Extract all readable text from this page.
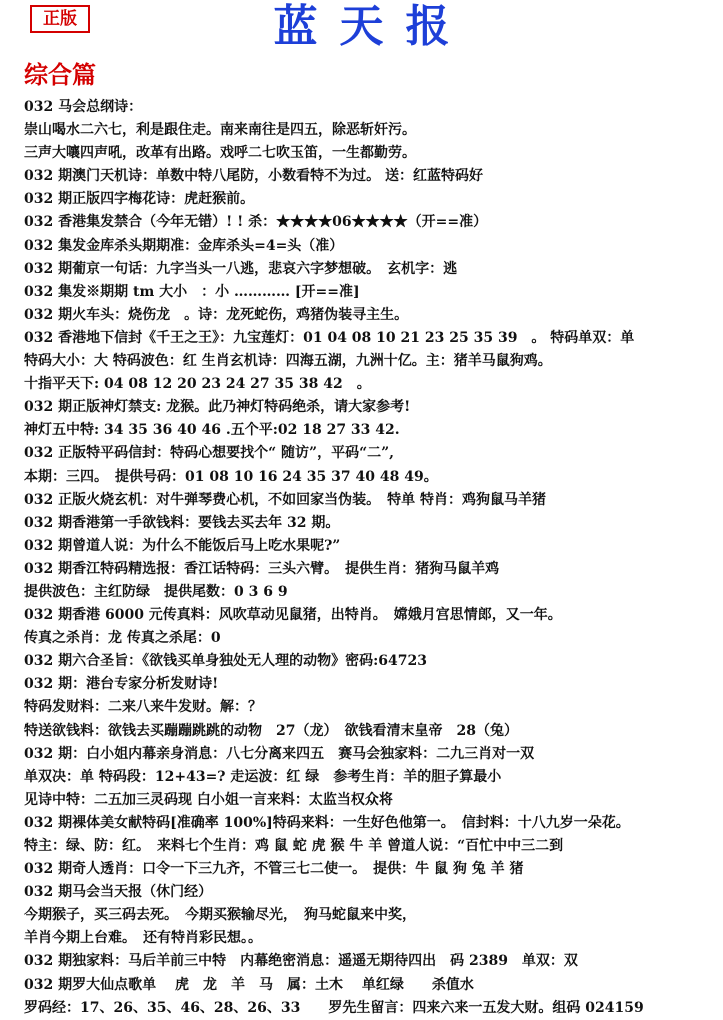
正版	蓝天报
综合篇
032 马会总纲诗：
崇山喝水二六七，利是跟住走。南来南往是四五，除恶斩奸污。
三声大嚷四声吼，改革有出路。戏呼二七吹玉笛，一生都勤劳。
032 期澳门天机诗：单数中特八尾防，小数看特不为过。 送：红蓝特码好
032 期正版四字梅花诗：虎赶猴前。
032 香港集发禁合（今年无错）! ! 杀：★★★★06★★★★（开==准）
032 集发金库杀头期期准：金库杀头=4=头（准）
032 期葡京一句话：九字当头一八逃，悲哀六字梦想破。　玄机字：逃
032 集发※期期 tm 大小　：小 ………… [开==准]
032 期火车头：烧伤龙　。诗：龙死蛇伤，鸡猪伪装寻主生。
032 香港地下信封《千王之王》：九宝莲灯：01 04 08 10 21 23 25 35 39　。 特码单双：单
特码大小：大 特码波色：红 生肖玄机诗：四海五湖，九洲十亿。主：猪羊马鼠狗鸡。
十指平天下: 04 08 12 20 23 24 27 35 38 42　。
032 期正版神灯禁支: 龙猴。此乃神灯特码绝杀，请大家参考!
神灯五中特: 34 35 36 40 46 .五个平:02 18 27 33 42.
032 正版特平码信封：特码心想要找个“ 随访”，平码“二”,
本期：三四。　提供号码：01 08 10 16 24 35 37 40 48 49。
032 正版火烧玄机：对牛弹琴费心机，不如回家当伪装。　特单 特肖：鸡狗鼠马羊猪
032 期香港第一手欲钱料：要钱去买去年 32 期。
032 期曾道人说：为什么不能饭后马上吃水果呢?”
032 期香江特码精选报：香江话特码：三头六臂。　提供生肖：猪狗马鼠羊鸡
提供波色：主红防绿　提供尾数：0 3 6 9
032 期香港 6000 元传真料：风吹草动见鼠猪，出特肖。　嫦娥月宫思情郎，又一年。
传真之杀肖：龙 传真之杀尾：0
032 期六合圣旨：《欲钱买单身独处无人理的动物》密码:64723
032 期：港台专家分析发财诗!
特码发财料：二来八来牛发财。解：？
特送欲钱料：欲钱去买蹦蹦跳跳的动物　27（龙）　欲钱看清末皇帝　28（兔）
032 期：白小姐内幕亲身消息：八七分离来四五　赛马会独家料：二九三肖对一双
单双决：单 特码段：12+43=? 走运波：红 绿　参考生肖：羊的胆子算最小
见诗中特：二五加三灵码现 白小姐一言来料：太监当权众将
032 期裸体美女献特码[准确率 100%]特码来料：一生好色他第一。　信封料：十八九岁一朵花。
特主：绿、防：红。　来料七个生肖：鸡 鼠 蛇 虎 猴 牛 羊 曾道人说：“百忙中中三二到
032 期奇人透肖：口令一下三九齐，不管三七二使一。　提供：牛 鼠 狗 兔 羊 猪
032 期马会当天报（休门经）
今期猴子，买三码去死。　今期买猴输尽光，　狗马蛇鼠来中奖，
羊肖今期上台难。　还有特肖彩民想。。
032 期独家料：马后羊前三中特　内幕绝密消息：遥遥无期待四出　码 2389　单双：双
032 期罗大仙点歌单　 虎　龙　羊　马　属：土木　 单红绿　　杀值水
罗码经：17、26、35、46、28、26、33　　罗先生留言：四来六来一五发大财。组码 024159
